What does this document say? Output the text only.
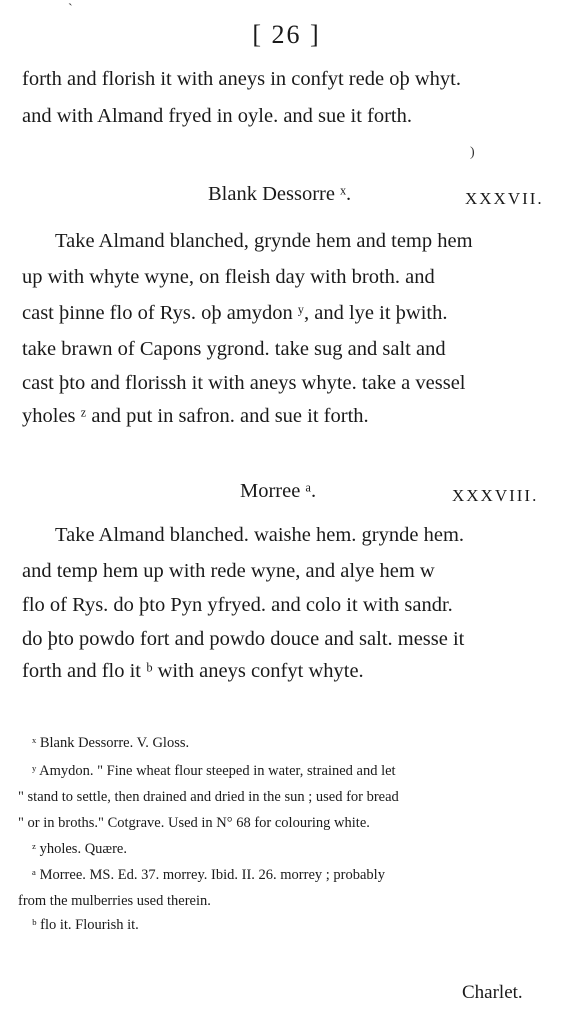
[ 26 ]
`

forth and florish it with aneys in confyt rede oþ whyt.

and with Almand fryed in oyle. and sue it forth.

)

Blank Dessorre ˣ.	XXXVII.

Take Almand blanched, grynde hem and temp hem

up with whyte wyne, on fleish day with broth. and

cast þinne flo of Rys. oþ amydon ʸ, and lye it þwith.

take brawn of Capons ygrond. take sug and salt and

cast þto and florissh it with aneys whyte. take a vessel

yholes ᶻ and put in safron. and sue it forth.

Morree ᵃ.	XXXVIII.

Take Almand blanched. waishe hem. grynde hem.

and temp hem up with rede wyne, and alye hem w

flo of Rys. do þto Pyn yfryed. and colo it with sandr.

do þto powdo fort and powdo douce and salt. messe it

forth and flo it ᵇ with aneys confyt whyte.

ˣ Blank Dessorre. V. Gloss.

ʸ Amydon. " Fine wheat flour steeped in water, strained and let

" stand to settle, then drained and dried in the sun ; used for bread

" or in broths." Cotgrave. Used in N° 68 for colouring white.

ᶻ yholes. Quære.

ᵃ Morree. MS. Ed. 37. morrey. Ibid. II. 26. morrey ; probably

from the mulberries used therein.

ᵇ flo it. Flourish it.

Charlet.
